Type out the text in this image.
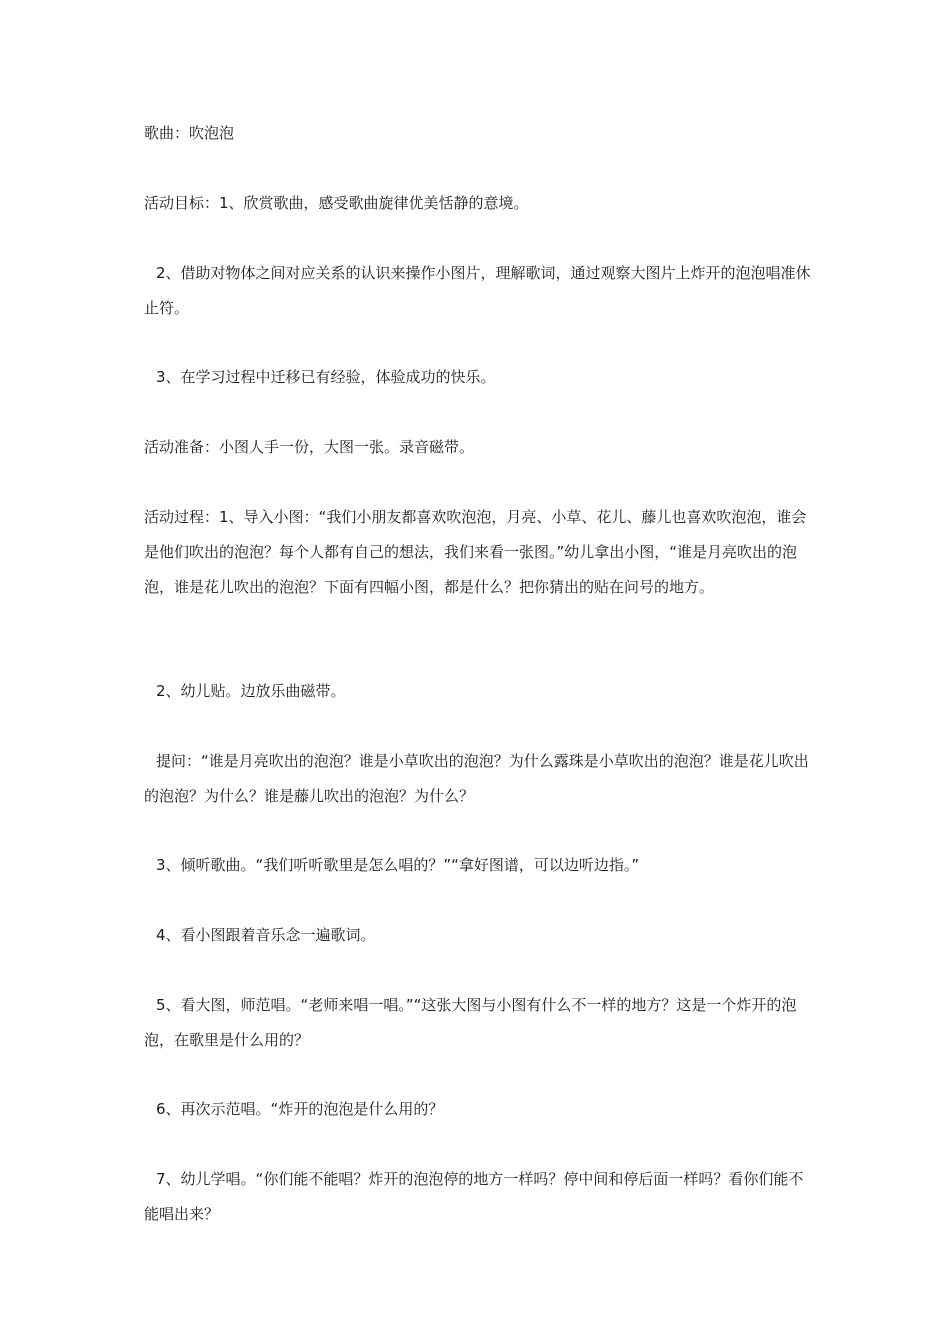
歌曲：吹泡泡

活动目标：1、欣赏歌曲，感受歌曲旋律优美恬静的意境。

2、借助对物体之间对应关系的认识来操作小图片，理解歌词，通过观察大图片上炸开的泡泡唱准休止符。

3、在学习过程中迁移已有经验，体验成功的快乐。

活动准备：小图人手一份，大图一张。录音磁带。

活动过程：1、导入小图：“我们小朋友都喜欢吹泡泡，月亮、小草、花儿、藤儿也喜欢吹泡泡，谁会是他们吹出的泡泡？每个人都有自己的想法，我们来看一张图。”幼儿拿出小图，“谁是月亮吹出的泡泡，谁是花儿吹出的泡泡？下面有四幅小图，都是什么？把你猜出的贴在问号的地方。

2、幼儿贴。边放乐曲磁带。

提问：“谁是月亮吹出的泡泡？谁是小草吹出的泡泡？为什么露珠是小草吹出的泡泡？谁是花儿吹出的泡泡？为什么？谁是藤儿吹出的泡泡？为什么？

3、倾听歌曲。“我们听听歌里是怎么唱的？”“拿好图谱，可以边听边指。”

4、看小图跟着音乐念一遍歌词。

5、看大图，师范唱。“老师来唱一唱。”“这张大图与小图有什么不一样的地方？这是一个炸开的泡泡，在歌里是什么用的？

6、再次示范唱。“炸开的泡泡是什么用的？

7、幼儿学唱。“你们能不能唱？炸开的泡泡停的地方一样吗？停中间和停后面一样吗？看你们能不能唱出来？
